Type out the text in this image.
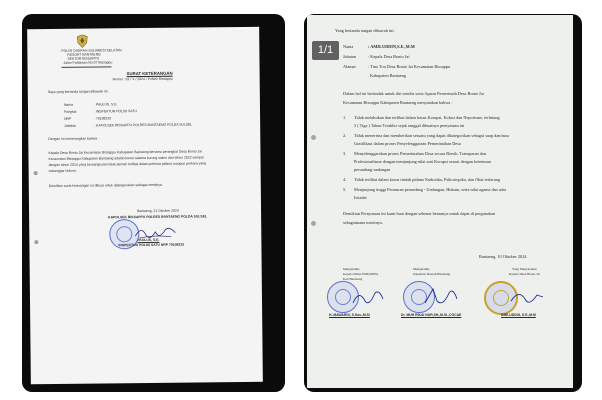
POLISI DAERAH SULAWESI SELATAN
RESORT BANTAENG
SEKTOR BISSAPPU
Jalan Pahlawan No.07 Bissappu
SURAT KETERANGAN
Nomor : 01 / X / 2024 / Polsek Bissappu
Saya yang bertanda tangan dibawah ini :
Nama	: PAULUS, S.E.
Pangkat	: INSPEKTUR POLISI SATU
NRP	: 79108233
Jabatan	: KAPOLSEK BISSAPPU POLRES BANTAENG POLDA SULSEL
Dengan ini menerangkan bahwa :
Kepala Desa Bonto Jai Kecamatan Bissappu Kabupaten Bantaeng benama perangkat Desa Bonto Jai
Kecamatan Bissappu Kabupaten Bantaeng adalah benar selama kurung waktu dari tahun 2022 sampai
dengan tahun 2024 yang bersangkutan tidak pernah terlibat dalam perkara pidana maupun perkara yang
melanggar hukum.
Demikian surat keterangan ini dibuat untuk dipergunakan sebagai mestinya.
Bantaeng, 21 Oktober 2024
KAPOLSEK BISSAPPU POLRES BANTAENG POLDA SULSEL
PAULUS, S.E.
INSPEKTUR POLISI SATU NRP 79108233
Yang bertanda tangan dibawah ini,
Nama	: AMILUDDIN,S.E.,M.M
Jabatan	: Kepala Desa Bonto Jai
Alamat	: Tino Tou Desa Bonto Jai Kecamatan Bissappu
Kabupaten Bantaeng
Dalam hal ini bertindak untuk diri sendiri serta Aparat Pemerintah Desa Bonto Jai
Kecamatan Bissappu Kabupaten Bantaeng menyatakan bahwa :
1. Tidak melakukan dan terlibat dalam kasus Korupsi, Kolusi dan Nepotisme, terhitung
3 ( Tiga ) Tahun Terakhir sejak tanggal dibuatnya pernyataan ini
2. Tidak menerima dan memberikan sesuatu yang dapat dikategorikan sebagai suap dan/atau
Gratifikasi dalam proses Penyelenggaraan Pemerintahan Desa
3. Menyelenggarakan proses Pemerintahan Desa secara Bersih, Transparan dan
Profesionalisme dengan menjunjung nilai anti Korupsi sesuai dengan ketentuan
perundang-undangan
4. Tidak terlibat dalam kasus tindak pidana Narkotika, Psikotropika, dan Obat terlarang
5. Menjunjung tinggi Peraturan perundang - Undangan, Hukum, serta nilai agama dan adat
Istiadat
Demikian Pernyataan ini kami buat dengan sebenar benarnya untuk dapat di pergunakan
sebagaimana mestinya.
Bantaeng, 10 Oktober 2024
Mengetahui,
Kepala Dinas PMD,PPPA
Kab Bantaeng
H. MAWARDI, S.Sos.,M.Si
Mengetahui,
Inspektur Daerah Bantaeng
Dr. MUH RIKAI NUR,SH.,M.Si.,CGCAE
Yang Menyatakan
Kepala Desa Bonto Jai
AMILUDDIN, S.E.,M.M
1/1
